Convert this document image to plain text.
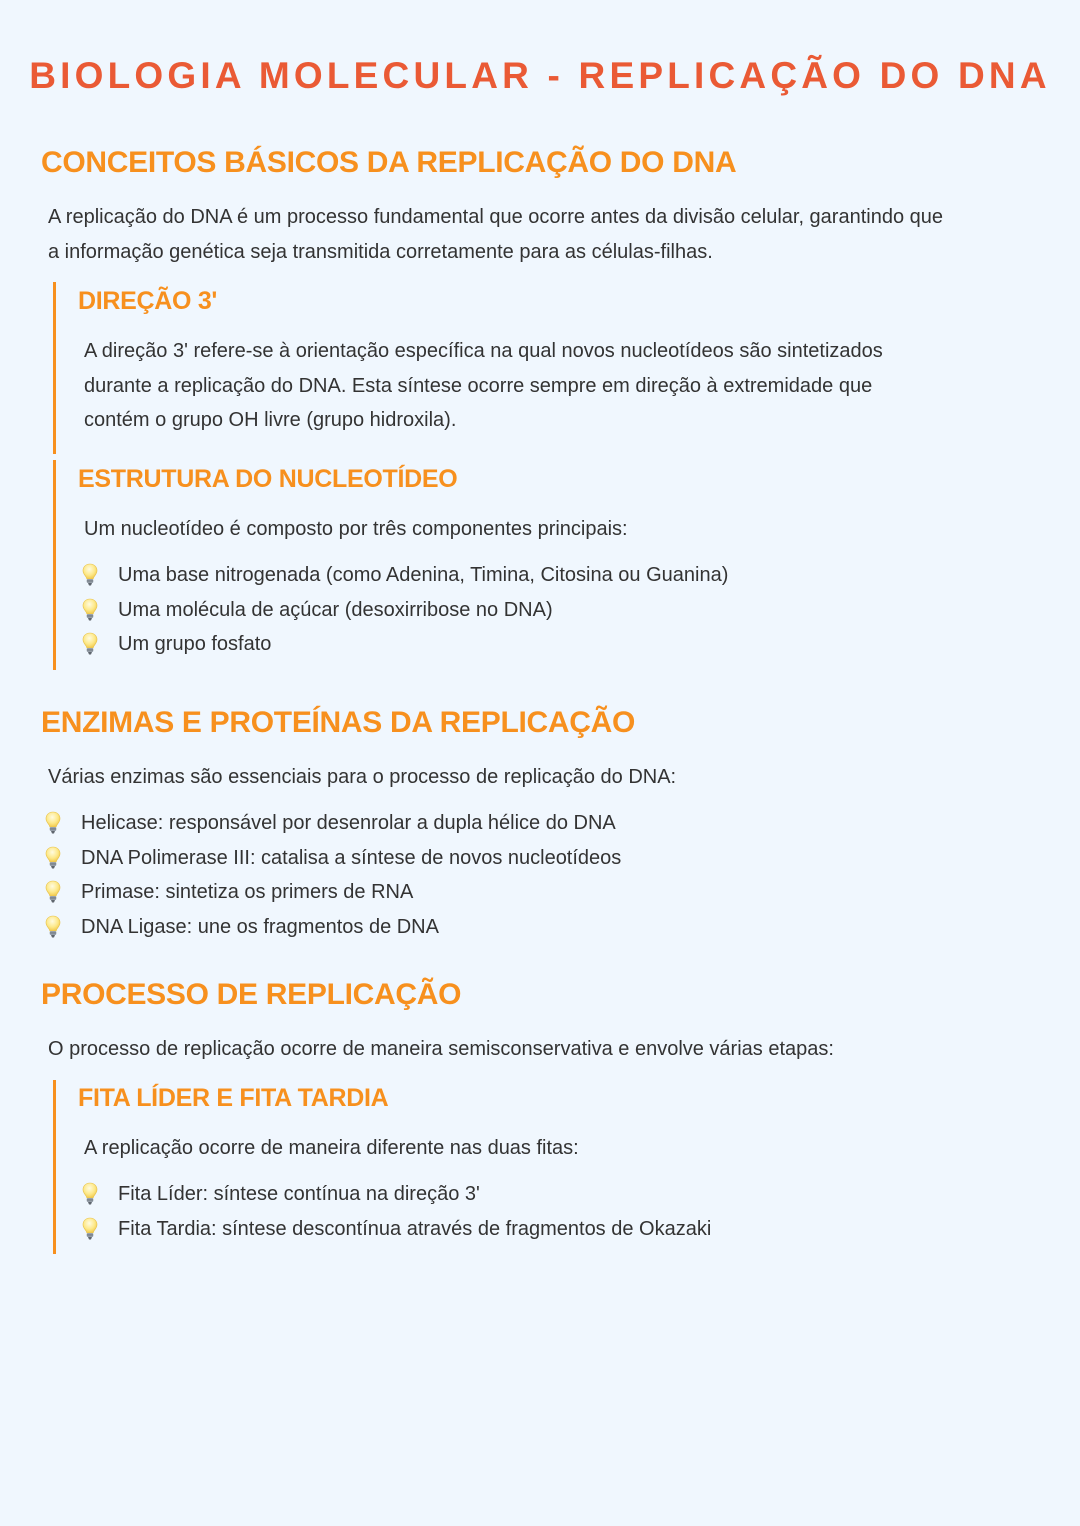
BIOLOGIA MOLECULAR - REPLICAÇÃO DO DNA
CONCEITOS BÁSICOS DA REPLICAÇÃO DO DNA
A replicação do DNA é um processo fundamental que ocorre antes da divisão celular, garantindo que
a informação genética seja transmitida corretamente para as células-filhas.
DIREÇÃO 3'
A direção 3' refere-se à orientação específica na qual novos nucleotídeos são sintetizados
durante a replicação do DNA. Esta síntese ocorre sempre em direção à extremidade que
contém o grupo OH livre (grupo hidroxila).
ESTRUTURA DO NUCLEOTÍDEO
Um nucleotídeo é composto por três componentes principais:
Uma base nitrogenada (como Adenina, Timina, Citosina ou Guanina)
Uma molécula de açúcar (desoxirribose no DNA)
Um grupo fosfato
ENZIMAS E PROTEÍNAS DA REPLICAÇÃO
Várias enzimas são essenciais para o processo de replicação do DNA:
Helicase: responsável por desenrolar a dupla hélice do DNA
DNA Polimerase III: catalisa a síntese de novos nucleotídeos
Primase: sintetiza os primers de RNA
DNA Ligase: une os fragmentos de DNA
PROCESSO DE REPLICAÇÃO
O processo de replicação ocorre de maneira semisconservativa e envolve várias etapas:
FITA LÍDER E FITA TARDIA
A replicação ocorre de maneira diferente nas duas fitas:
Fita Líder: síntese contínua na direção 3'
Fita Tardia: síntese descontínua através de fragmentos de Okazaki
